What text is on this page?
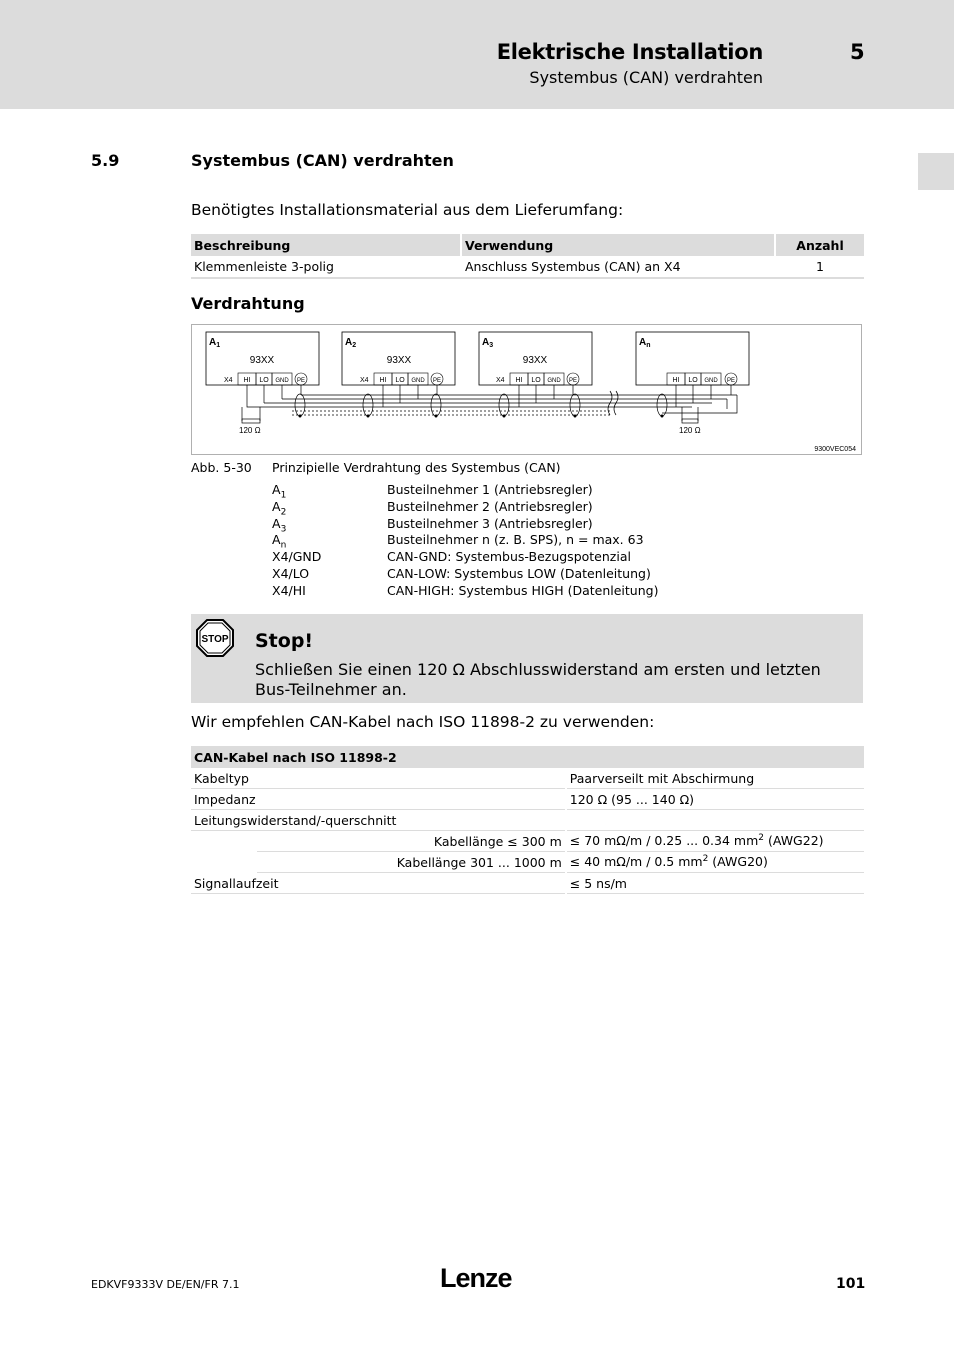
Elektrische Installation	5
Systembus (CAN) verdrahten
5.9	Systembus (CAN) verdrahten
Benötigtes Installationsmaterial aus dem Lieferumfang:
Beschreibung	Verwendung	Anzahl
Klemmenleiste 3-polig	Anschluss Systembus (CAN) an X4	1
Verdrahtung
$A_1$
93XX
X4 HI LO GND PE
$A_2$
93XX
X4 HI LO GND PE
$A_3$
93XX
X4 HI LO GND PE
$A_n$
HI LO GND PE
120 Ω	120 Ω
9300VEC054
Abb. 5-30 Prinzipielle Verdrahtung des Systembus (CAN)
$A_1$	Busteilnehmer 1 (Antriebsregler)
$A_2$	Busteilnehmer 2 (Antriebsregler)
$A_3$	Busteilnehmer 3 (Antriebsregler)
$A_n$	Busteilnehmer n (z. B. SPS), n = max. 63
X4/GND	CAN-GND: Systembus-Bezugspotenzial
X4/LO	CAN-LOW: Systembus LOW (Datenleitung)
X4/HI	CAN-HIGH: Systembus HIGH (Datenleitung)
STOP Stop!
Schließen Sie einen 120 Ω Abschlusswiderstand am ersten und letzten Bus-Teilnehmer an.
Wir empfehlen CAN-Kabel nach ISO 11898-2 zu verwenden:
CAN-Kabel nach ISO 11898-2		
Kabeltyp		Paarverseilt mit Abschirmung
Impedanz		120 Ω (95 ... 140 Ω)
Leitungswiderstand/-querschnitt		
	Kabellänge ≤ 300 m	≤ 70 mΩ/m / 0.25 ... 0.34 $mm^2$ (AWG22)
	Kabellänge 301 ... 1000 m	≤ 40 mΩ/m / 0.5 $mm^2$ (AWG20)
Signallaufzeit		≤ 5 ns/m
EDKVF9333V DE/EN/FR 7.1	Lenze	101
